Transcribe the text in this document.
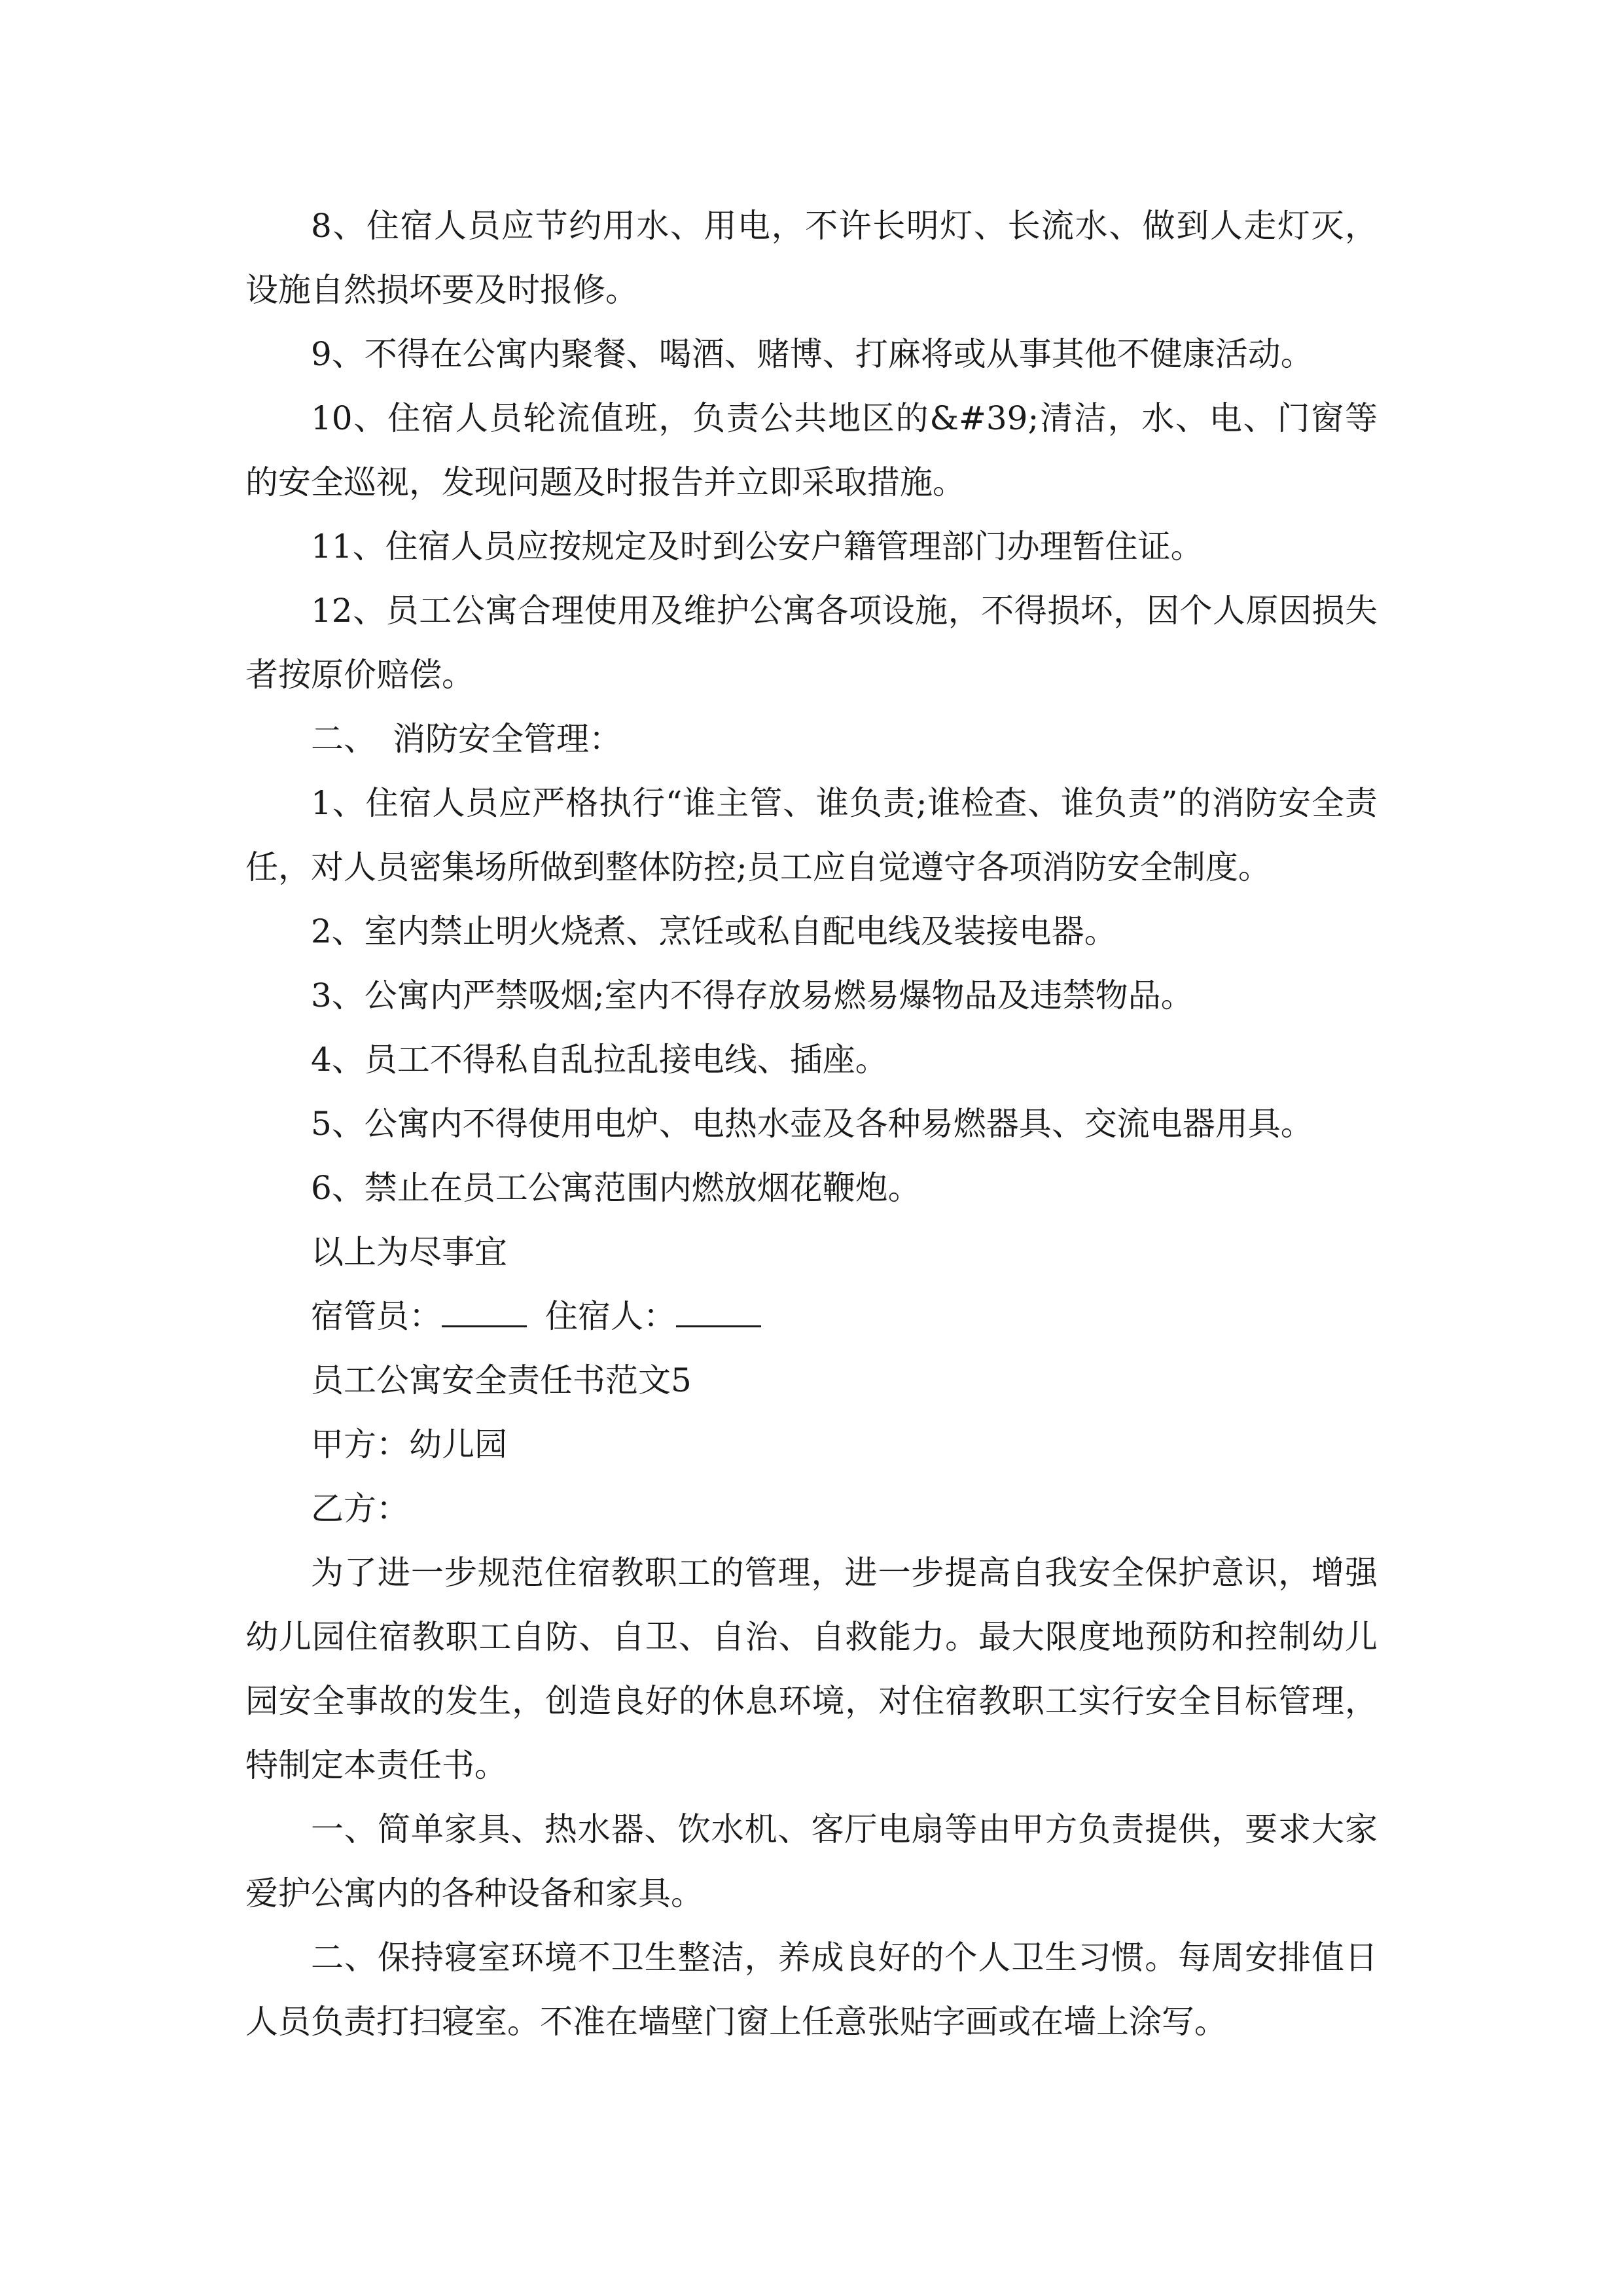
8、住宿人员应节约用水、用电，不许长明灯、长流水、做到人走灯灭，设施自然损坏要及时报修。

9、不得在公寓内聚餐、喝酒、赌博、打麻将或从事其他不健康活动。

10、住宿人员轮流值班，负责公共地区的&#39;清洁，水、电、门窗等的安全巡视，发现问题及时报告并立即采取措施。

11、住宿人员应按规定及时到公安户籍管理部门办理暂住证。

12、员工公寓合理使用及维护公寓各项设施，不得损坏，因个人原因损失者按原价赔偿。

二、　消防安全管理：

1、住宿人员应严格执行“谁主管、谁负责;谁检查、谁负责”的消防安全责任，对人员密集场所做到整体防控;员工应自觉遵守各项消防安全制度。

2、室内禁止明火烧煮、烹饪或私自配电线及装接电器。

3、公寓内严禁吸烟;室内不得存放易燃易爆物品及违禁物品。

4、员工不得私自乱拉乱接电线、插座。

5、公寓内不得使用电炉、电热水壶及各种易燃器具、交流电器用具。

6、禁止在员工公寓范围内燃放烟花鞭炮。

以上为尽事宜

宿管员：	住宿人：

员工公寓安全责任书范文5

甲方：幼儿园

乙方：

为了进一步规范住宿教职工的管理，进一步提高自我安全保护意识，增强幼儿园住宿教职工自防、自卫、自治、自救能力。最大限度地预防和控制幼儿园安全事故的发生，创造良好的休息环境，对住宿教职工实行安全目标管理，特制定本责任书。

一、简单家具、热水器、饮水机、客厅电扇等由甲方负责提供，要求大家爱护公寓内的各种设备和家具。

二、保持寝室环境不卫生整洁，养成良好的个人卫生习惯。每周安排值日人员负责打扫寝室。不准在墙壁门窗上任意张贴字画或在墙上涂写。
